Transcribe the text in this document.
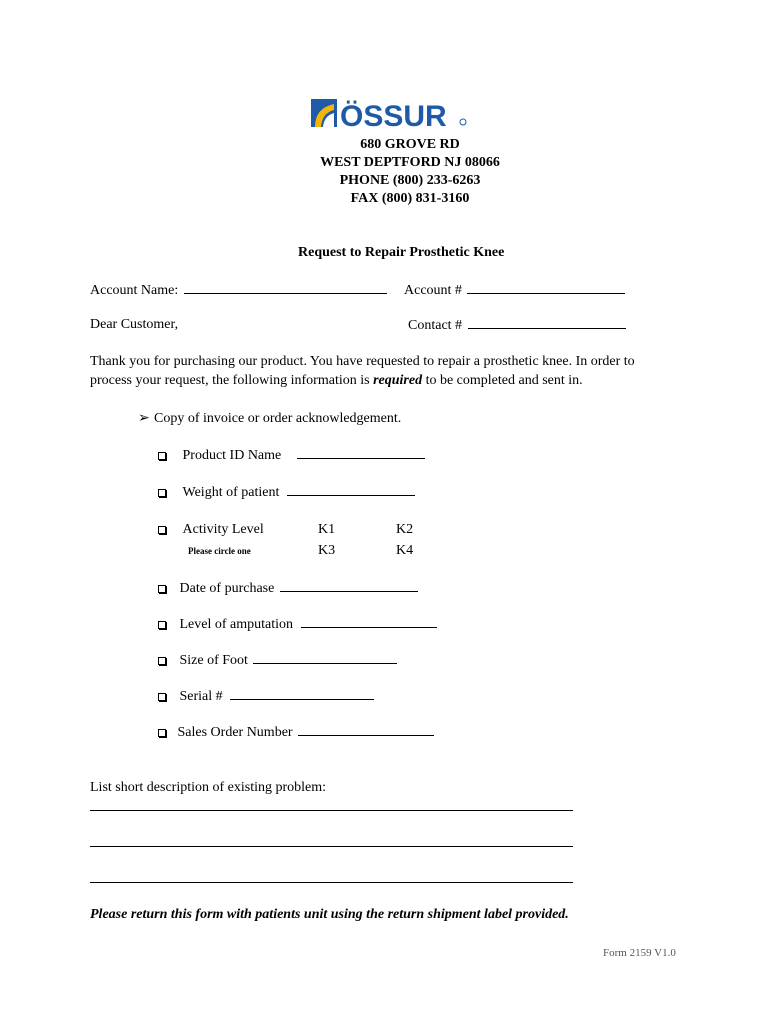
ÖSSUR
680 GROVE RD
WEST DEPTFORD NJ 08066
PHONE (800) 233-6263
FAX (800) 831-3160
Request to Repair Prosthetic Knee
Account Name:	Account #
Dear Customer,	Contact #
Thank you for purchasing our product. You have requested to repair a prosthetic knee. In order to
process your request, the following information is required to be completed and sent in.
➢ Copy of invoice or order acknowledgement.
Product ID Name
Weight of patient
Activity Level
Please circle one
K1	K2
K3	K4
Date of purchase
Level of amputation
Size of Foot
Serial #
Sales Order Number
List short description of existing problem:
Please return this form with patients unit using the return shipment label provided.
Form 2159 V1.0
